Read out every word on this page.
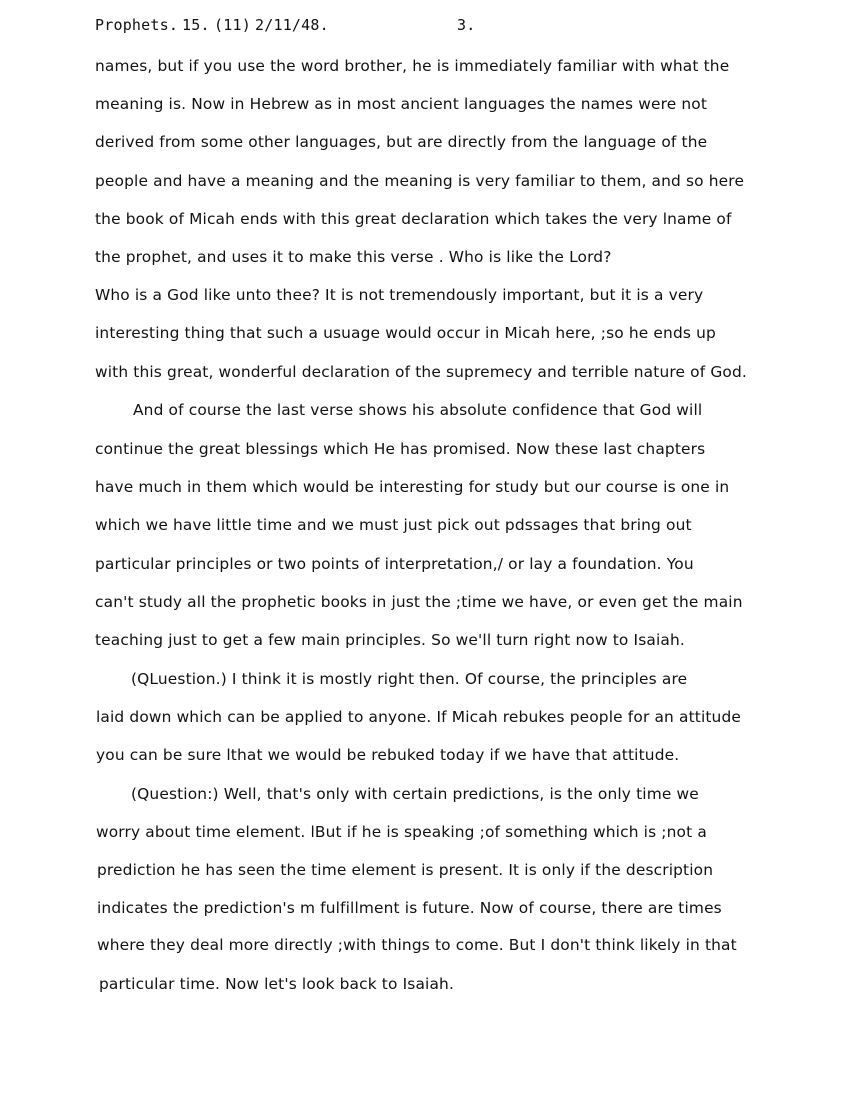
Prophets. 15. (11) 2/11/48.	3.
names, but if you use the word brother, he is immediately familiar with what the
meaning is. Now in Hebrew as in most ancient languages the names were not
derived from some other languages, but are directly from the language of the
people and have a meaning and the meaning is very familiar to them, and so here
the book of Micah ends with this great declaration which takes the very lname of
the prophet, and uses it to make this verse . Who is like the Lord?
Who is a God like unto thee? It is not tremendously important, but it is a very
interesting thing that such a usuage would occur in Micah here, ;so he ends up
with this great, wonderful declaration of the supremecy and terrible nature of God.
And of course the last verse shows his absolute confidence that God will
continue the great blessings which He has promised. Now these last chapters
have much in them which would be interesting for study but our course is one in
which we have little time and we must just pick out pdssages that bring out
particular principles or two points of interpretation,/ or lay a foundation. You
can't study all the prophetic books in just the ;time we have, or even get the main
teaching just to get a few main principles. So we'll turn right now to Isaiah.
(QLuestion.) I think it is mostly right then. Of course, the principles are
laid down which can be applied to anyone. If Micah rebukes people for an attitude
you can be sure lthat we would be rebuked today if we have that attitude.
(Question:) Well, that's only with certain predictions, is the only time we
worry about time element. lBut if he is speaking ;of something which is ;not a
prediction he has seen the time element is present. It is only if the description
indicates the prediction's m fulfillment is future. Now of course, there are times
where they deal more directly ;with things to come. But I don't think likely in that
particular time. Now let's look back to Isaiah.
